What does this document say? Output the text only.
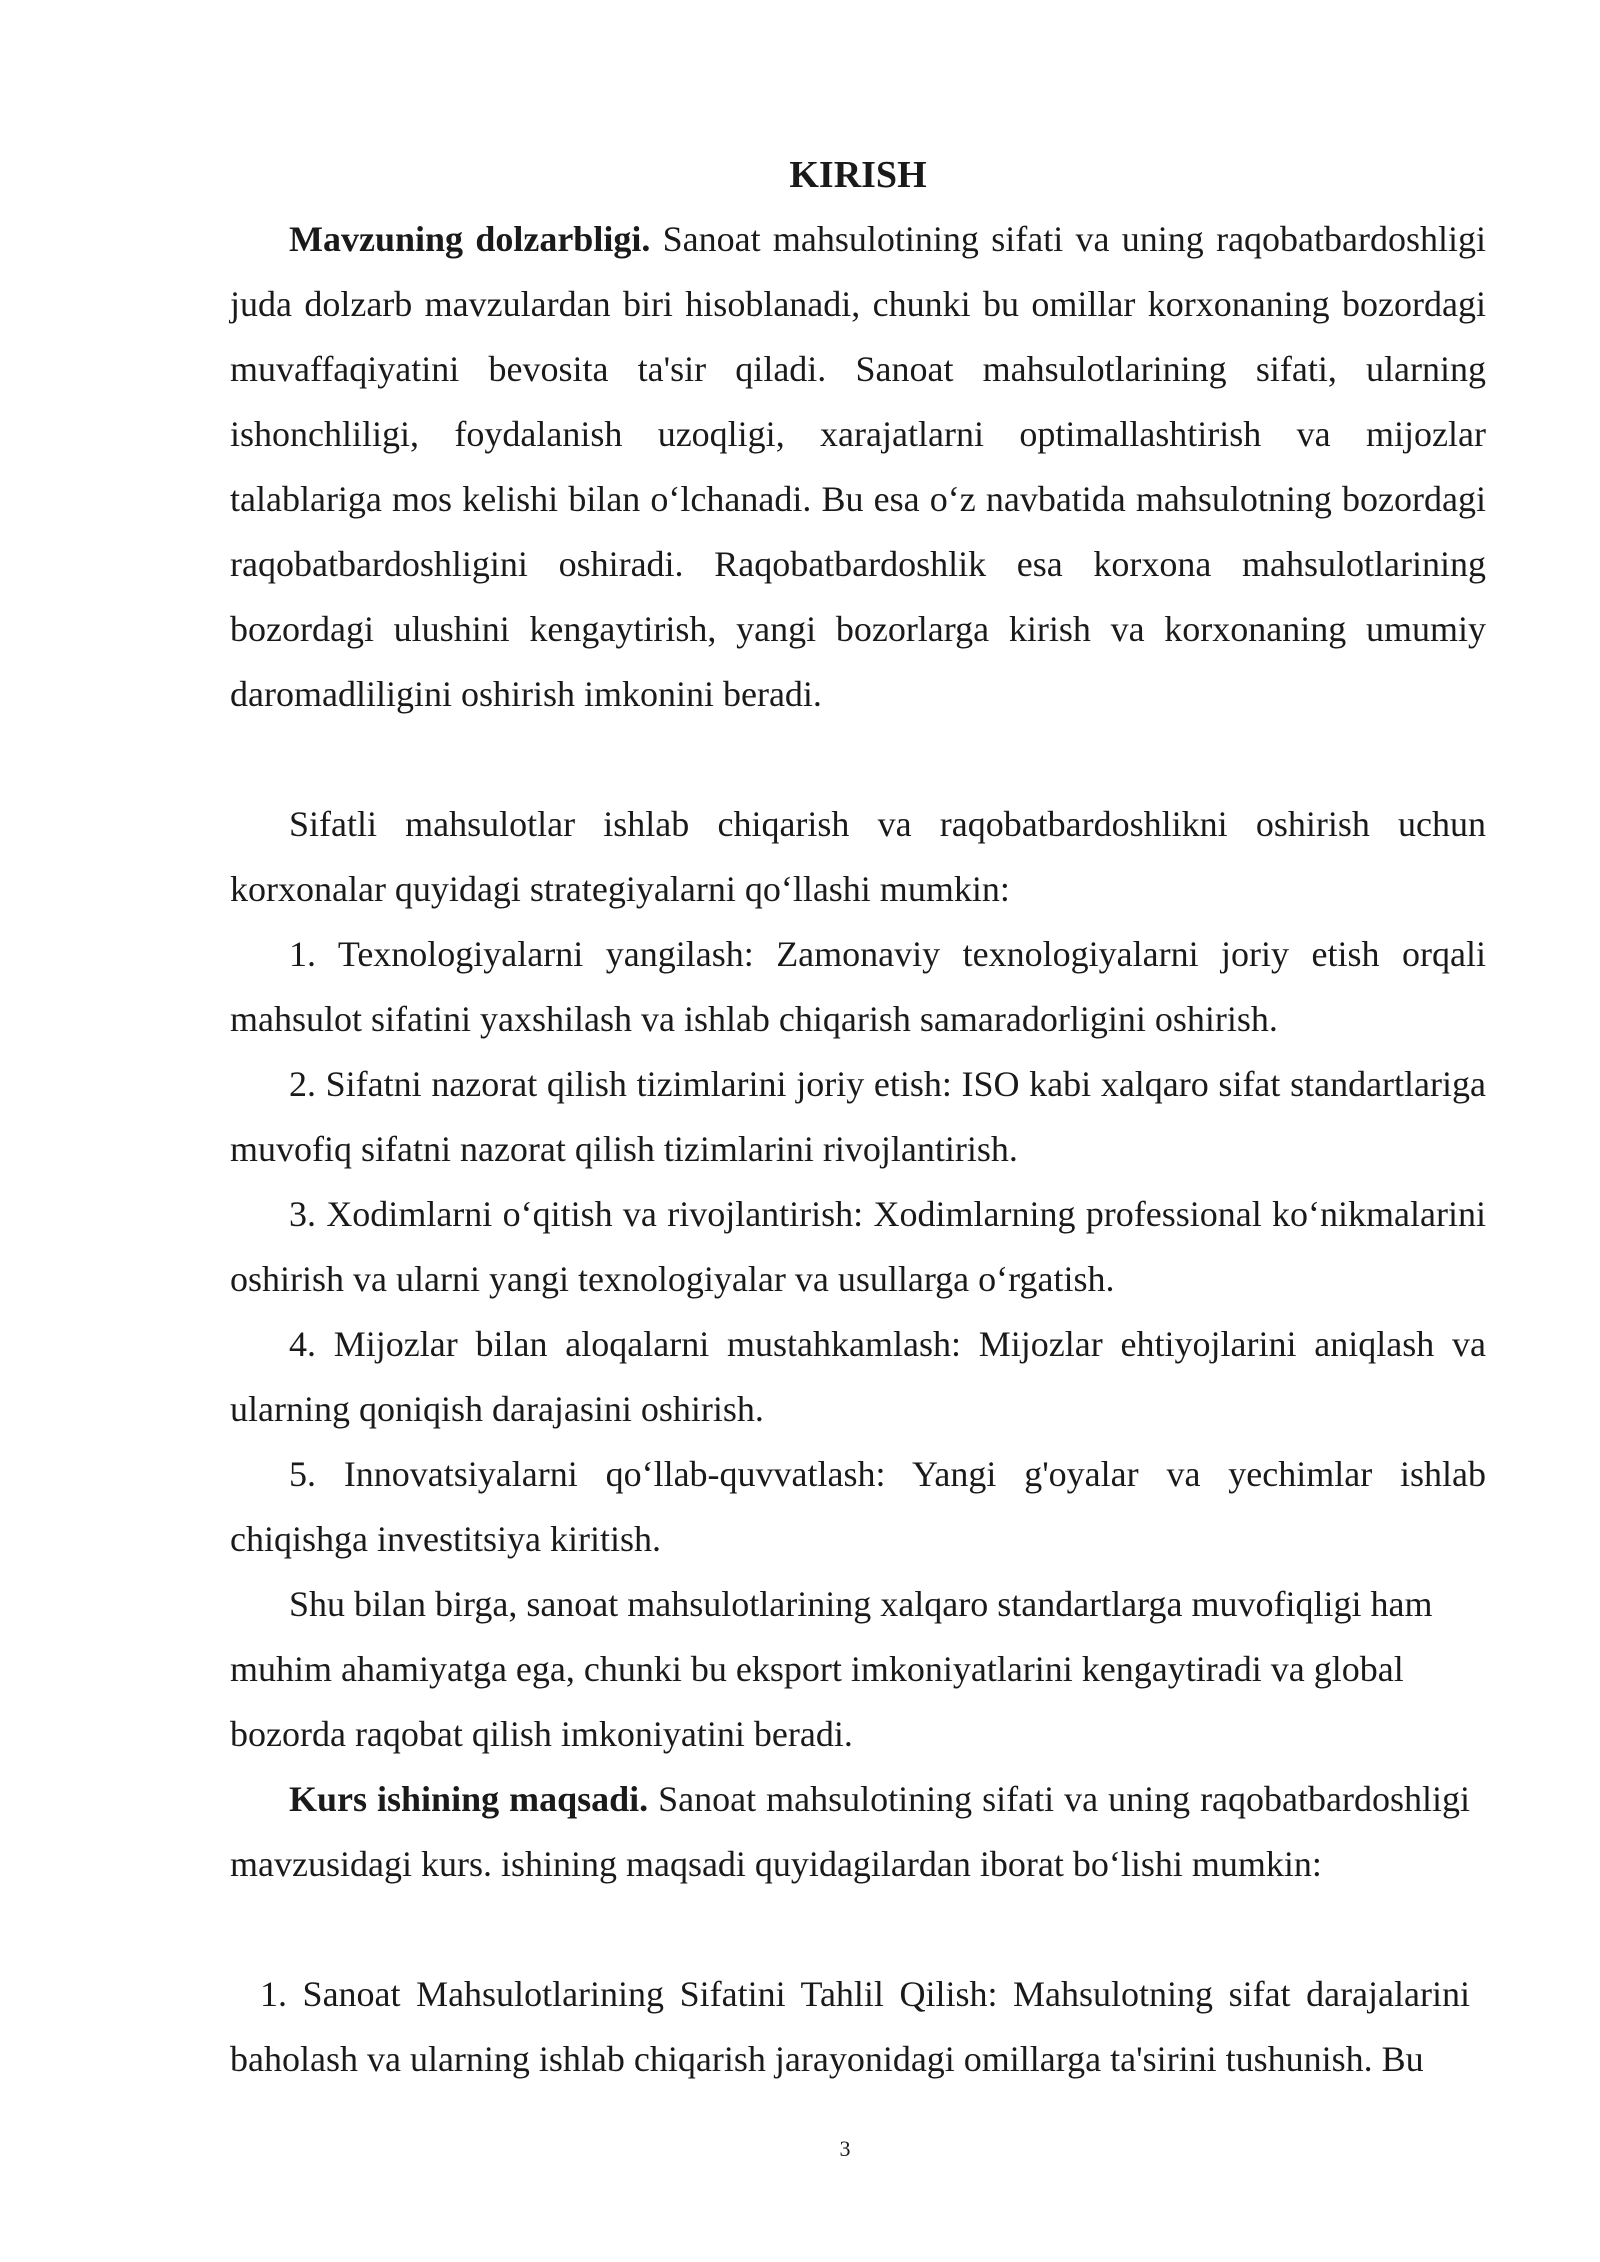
KIRISH

Mavzuning dolzarbligi. Sanoat mahsulotining sifati va uning raqobatbardoshligi juda dolzarb mavzulardan biri hisoblanadi, chunki bu omillar korxonaning bozordagi muvaffaqiyatini bevosita ta'sir qiladi. Sanoat mahsulotlarining sifati, ularning ishonchliligi, foydalanish uzoqligi, xarajatlarni optimallashtirish va mijozlar talablariga mos kelishi bilan oʻlchanadi. Bu esa oʻz navbatida mahsulotning bozordagi raqobatbardoshligini oshiradi. Raqobatbardoshlik esa korxona mahsulotlarining bozordagi ulushini kengaytirish, yangi bozorlarga kirish va korxonaning umumiy daromadliligini oshirish imkonini beradi.

Sifatli mahsulotlar ishlab chiqarish va raqobatbardoshlikni oshirish uchun korxonalar quyidagi strategiyalarni qoʻllashi mumkin:

1. Texnologiyalarni yangilash: Zamonaviy texnologiyalarni joriy etish orqali mahsulot sifatini yaxshilash va ishlab chiqarish samaradorligini oshirish.

2. Sifatni nazorat qilish tizimlarini joriy etish: ISO kabi xalqaro sifat standartlariga muvofiq sifatni nazorat qilish tizimlarini rivojlantirish.

3. Xodimlarni oʻqitish va rivojlantirish: Xodimlarning professional koʻnikmalarini oshirish va ularni yangi texnologiyalar va usullarga oʻrgatish.

4. Mijozlar bilan aloqalarni mustahkamlash: Mijozlar ehtiyojlarini aniqlash va ularning qoniqish darajasini oshirish.

5. Innovatsiyalarni qoʻllab-quvvatlash: Yangi g'oyalar va yechimlar ishlab chiqishga investitsiya kiritish.

Shu bilan birga, sanoat mahsulotlarining xalqaro standartlarga muvofiqligi ham muhim ahamiyatga ega, chunki bu eksport imkoniyatlarini kengaytiradi va global bozorda raqobat qilish imkoniyatini beradi.

Kurs ishining maqsadi. Sanoat mahsulotining sifati va uning raqobatbardoshligi mavzusidagi kurs. ishining maqsadi quyidagilardan iborat boʻlishi mumkin:

1. Sanoat Mahsulotlarining Sifatini Tahlil Qilish: Mahsulotning sifat darajalarini baholash va ularning ishlab chiqarish jarayonidagi omillarga ta'sirini tushunish. Bu

3
